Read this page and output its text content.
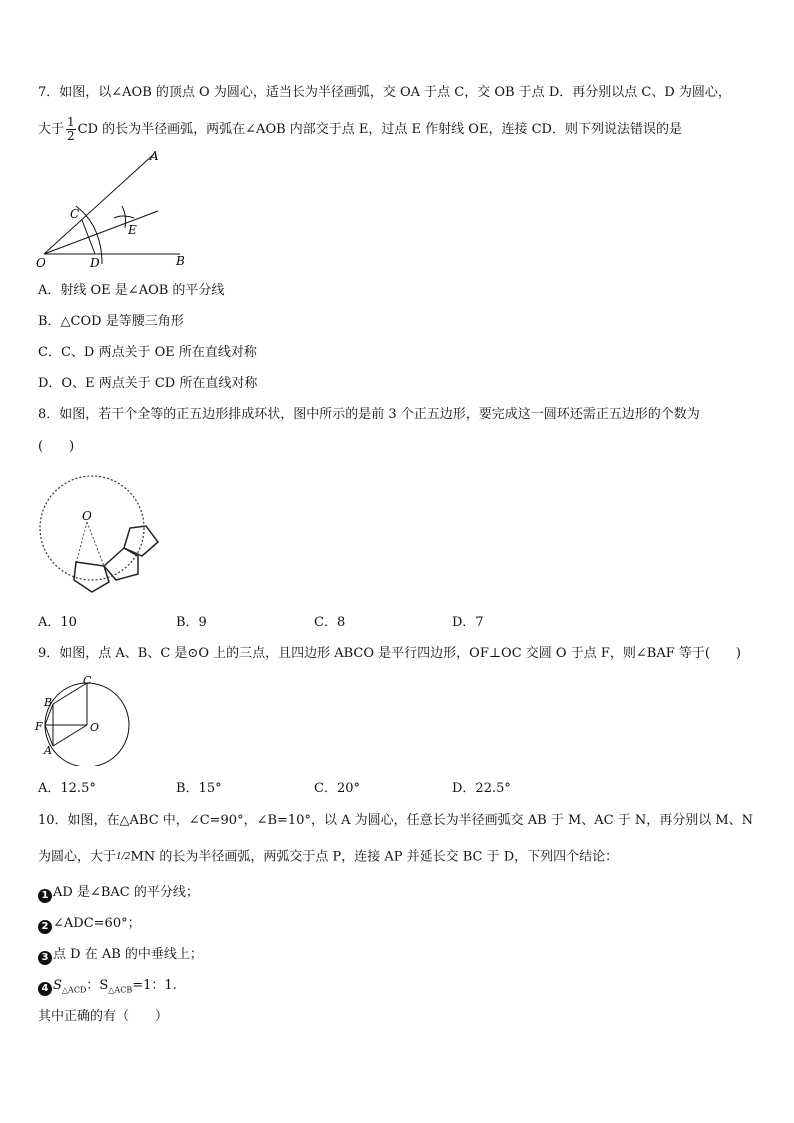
7．如图，以∠AOB 的顶点 O 为圆心，适当长为半径画弧，交 OA 于点 C，交 OB 于点 D．再分别以点 C、D 为圆心，
大于 $\frac{1}{2}$ CD 的长为半径画弧，两弧在∠AOB 内部交于点 E，过点 E 作射线 OE，连接 CD．则下列说法错误的是
A
C
E
O	D	B
A．射线 OE 是∠AOB 的平分线
B．△COD 是等腰三角形
C．C、D 两点关于 OE 所在直线对称
D．O、E 两点关于 CD 所在直线对称
8．如图，若干个全等的正五边形排成环状，图中所示的是前 3 个正五边形，要完成这一圆环还需正五边形的个数为
(　　)
O
A．10	B．9	C．8	D．7
9．如图，点 A、B、C 是⊙O 上的三点，且四边形 ABCO 是平行四边形，OF⊥OC 交圆 O 于点 F，则∠BAF 等于(　　)
C
B
F	O
A
A．12.5°	B．15°	C．20°	D．22.5°
10．如图，在△ABC 中，∠C=90°，∠B=10°，以 A 为圆心，任意长为半径画弧交 AB 于 M、AC 于 N，再分别以 M、N
为圆心，大于1/2MN 的长为半径画弧，两弧交于点 P，连接 AP 并延长交 BC 于 D，下列四个结论：
1 AD 是∠BAC 的平分线；
2 ∠ADC=60°；
3 点 D 在 AB 的中垂线上；
4 $S_{\triangle ACD}$：$S_{\triangle ACB}=1$：1.
其中正确的有（　　）
